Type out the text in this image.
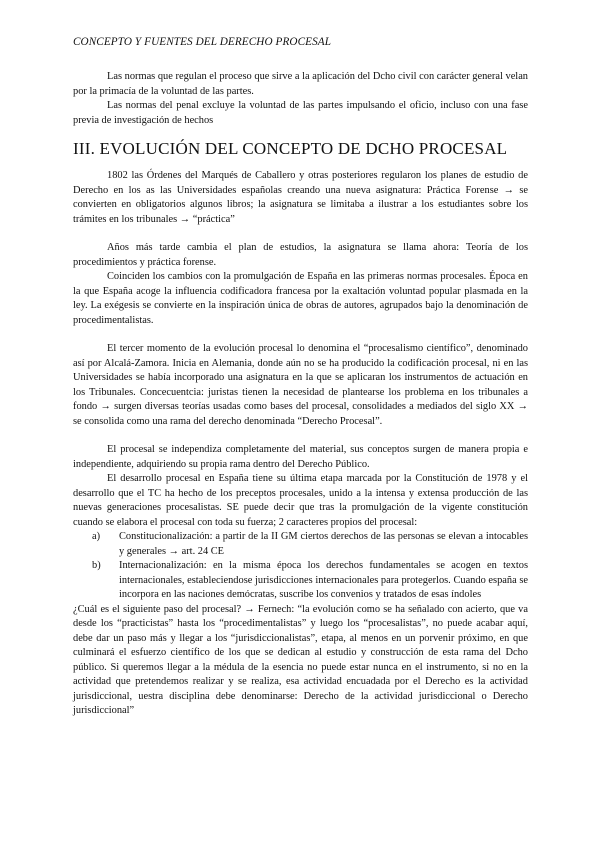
CONCEPTO Y FUENTES DEL DERECHO PROCESAL

Las normas que regulan el proceso que sirve a la aplicación del Dcho civil con carácter general velan por la primacía de la voluntad de las partes.

Las normas del penal excluye la voluntad de las partes impulsando el oficio, incluso con una fase previa de investigación de hechos

III. EVOLUCIÓN DEL CONCEPTO DE DCHO PROCESAL

1802 las Órdenes del Marqués de Caballero y otras posteriores regularon los planes de estudio de Derecho en los as las Universidades españolas creando una nueva asignatura: Práctica Forense → se convierten en obligatorios algunos libros; la asignatura se limitaba a ilustrar a los estudiantes sobre los trámites en los tribunales → “práctica”

Años más tarde cambia el plan de estudios, la asignatura se llama ahora: Teoría de los procedimientos y práctica forense.

Coinciden los cambios con la promulgación de España en las primeras normas procesales. Época en la que España acoge la influencia codificadora francesa por la exaltación voluntad popular plasmada en la ley. La exégesis se convierte en la inspiración única de obras de autores, agrupados bajo la denominación de procedimentalistas.

El tercer momento de la evolución procesal lo denomina el “procesalismo científico”, denominado así por Alcalá-Zamora. Inicia en Alemania, donde aún no se ha producido la codificación procesal, ni en las Universidades se había incorporado una asignatura en la que se aplicaran los instrumentos de actuación en los Tribunales. Concecuentcia: juristas tienen la necesidad de plantearse los problema en los tribunales a fondo → surgen diversas teorías usadas como bases del procesal, consolidades a mediados del siglo XX → se consolida como una rama del derecho denominada “Derecho Procesal”.

El procesal se independiza completamente del material, sus conceptos surgen de manera propia e independiente, adquiriendo su propia rama dentro del Derecho Público.

El desarrollo procesal en España tiene su última etapa marcada por la Constitución de 1978 y el desarrollo que el TC ha hecho de los preceptos procesales, unido a la intensa y extensa producción de las nuevas generaciones procesalistas. SE puede decir que tras la promulgación de la vigente constitución cuando se elabora el procesal con toda su fuerza; 2 caracteres propios del procesal:

a) Constitucionalización: a partir de la II GM ciertos derechos de las personas se elevan a intocables y generales → art. 24 CE
b) Internacionalización: en la misma época los derechos fundamentales se acogen en textos internacionales, estableciendose jurisdicciones internacionales para protegerlos. Cuando españa se incorpora en las naciones demócratas, suscribe los convenios y tratados de esas índoles

¿Cuál es el siguiente paso del procesal? → Fernech: “la evolución como se ha señalado con acierto, que va desde los “practicistas” hasta los “procedimentalistas” y luego los “procesalistas”, no puede acabar aquí, debe dar un paso más y llegar a los “jurisdiccionalistas”, etapa, al menos en un porvenir próximo, en que culminará el esfuerzo científico de los que se dedican al estudio y construcción de esta rama del Dcho público. Si queremos llegar a la médula de la esencia no puede estar nunca en el instrumento, si no en la actividad que pretendemos realizar y se realiza, esa actividad encuadada por el Derecho es la actividad jurisdiccional, uestra disciplina debe denominarse: Derecho de la actividad jurisdiccional o Derecho jurisdiccional”
